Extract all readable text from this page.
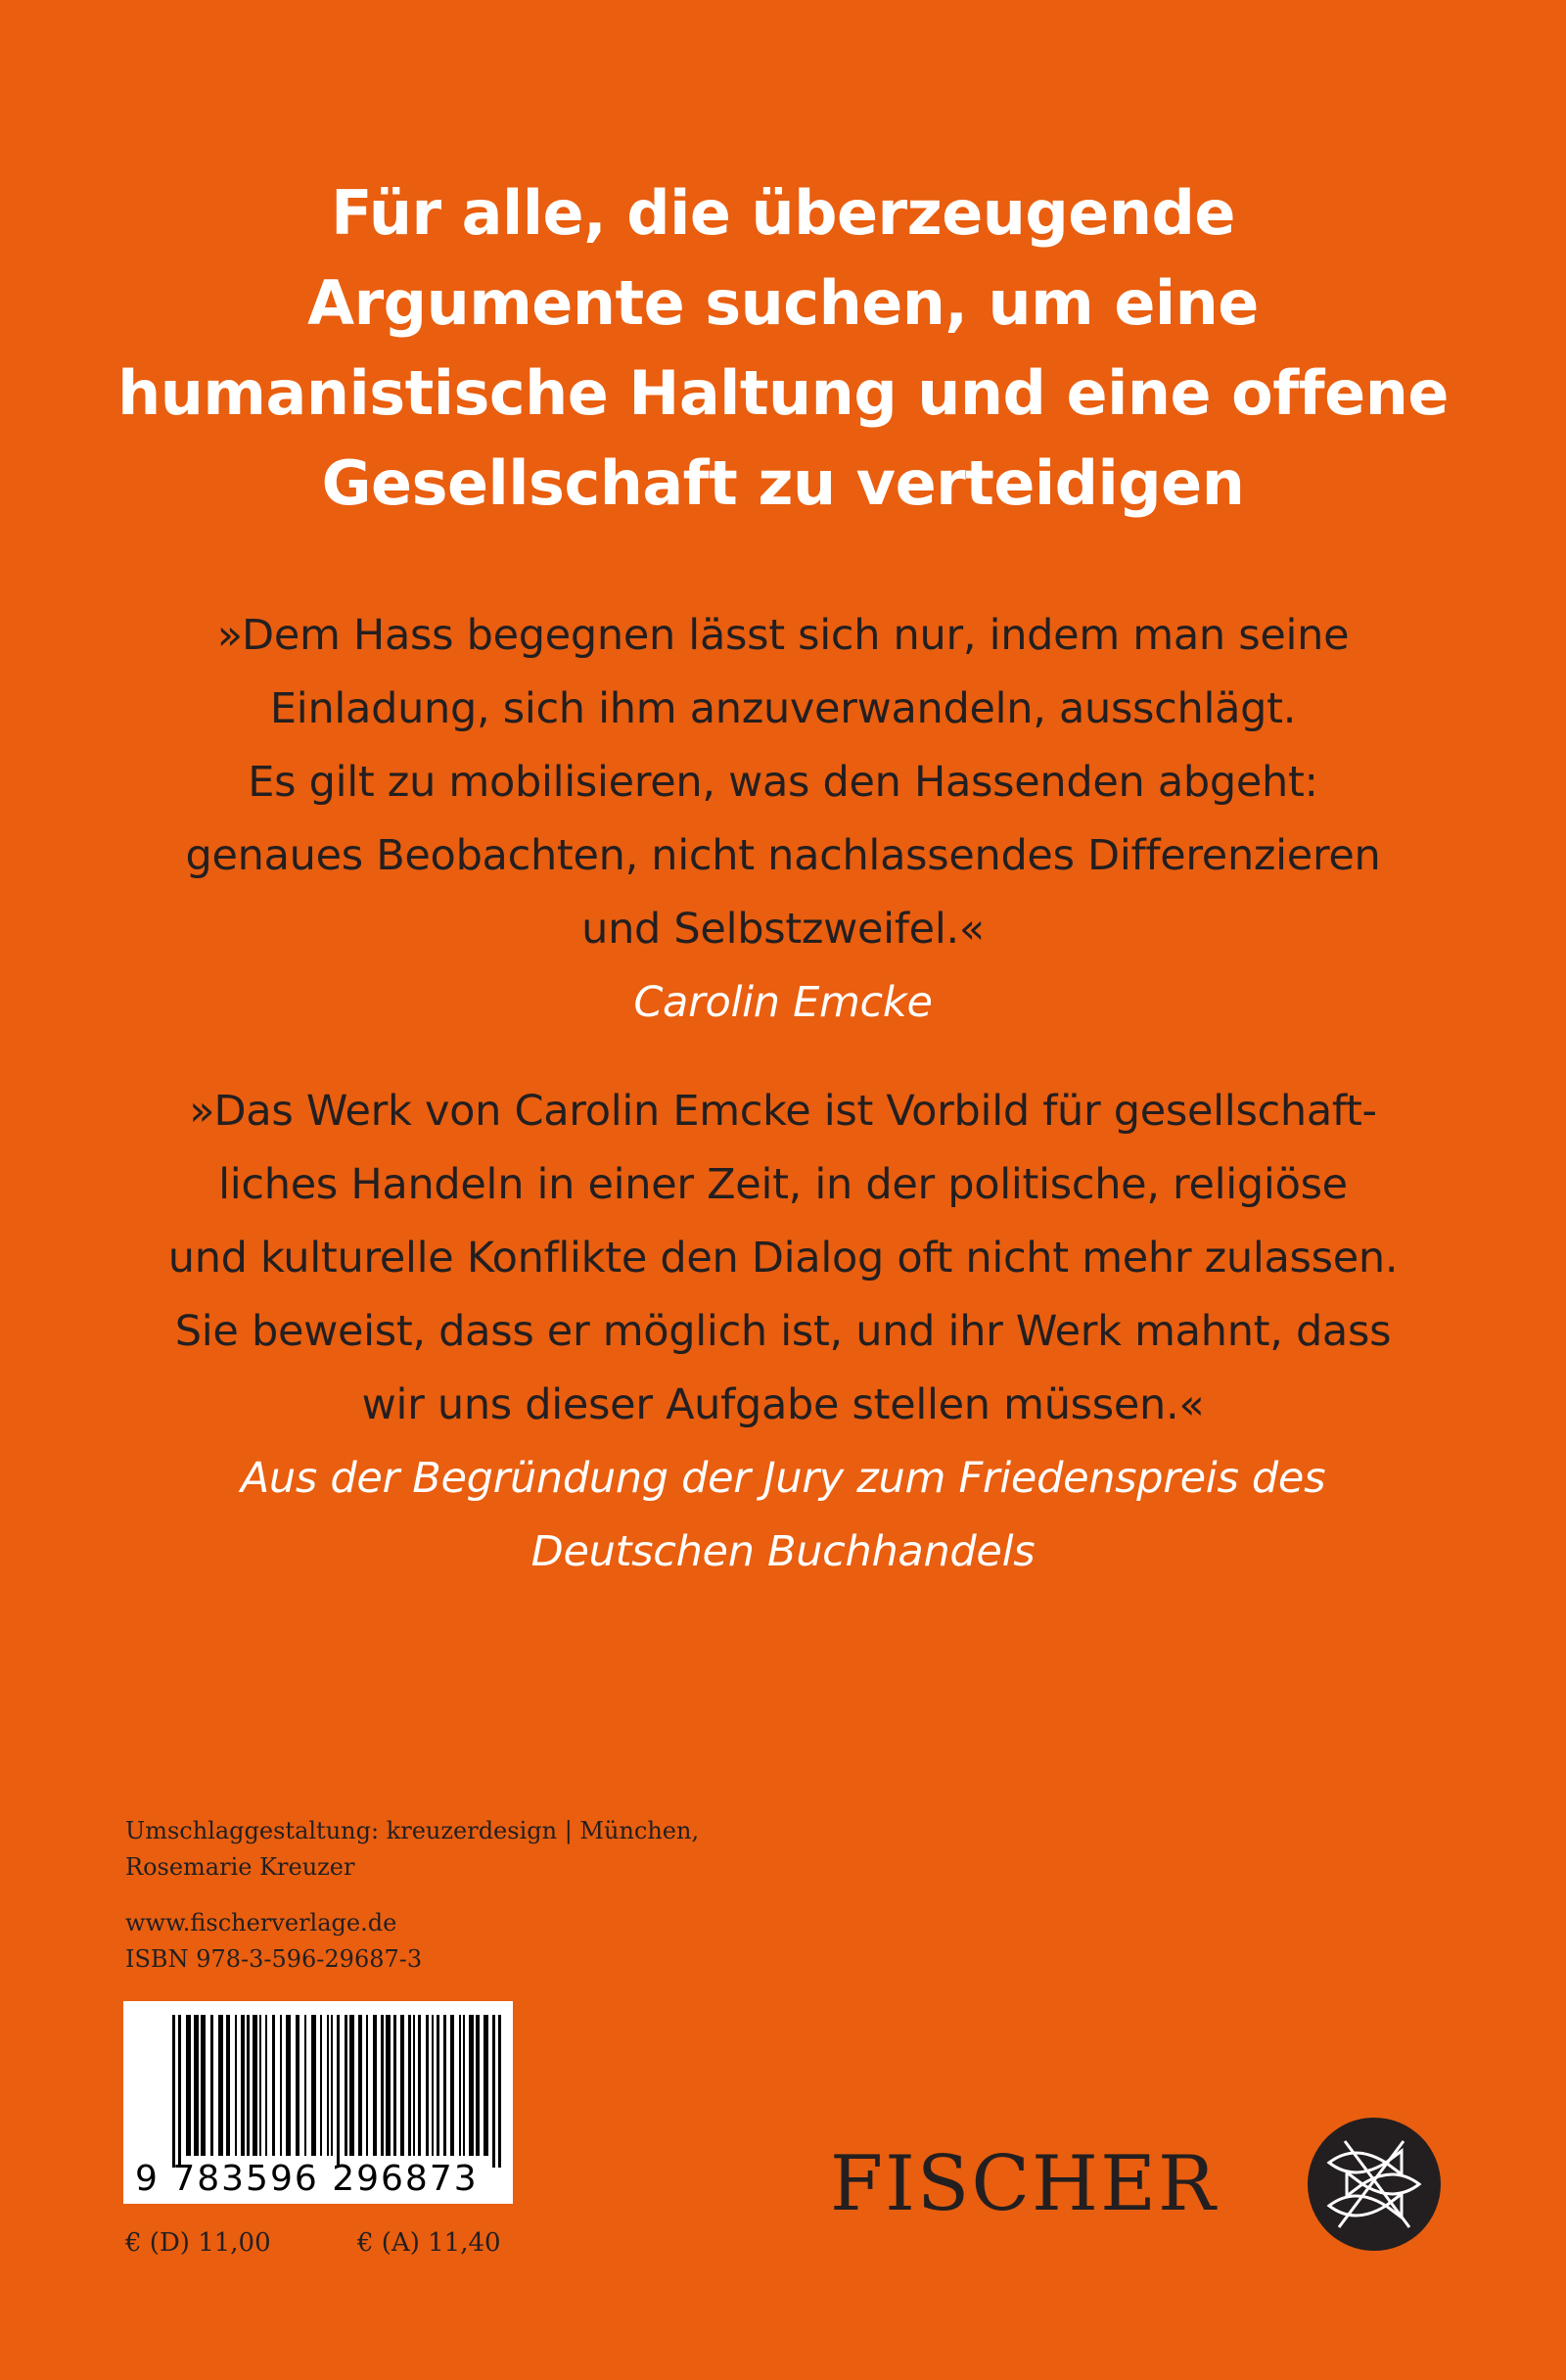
Für alle, die überzeugende
Argumente suchen, um eine
humanistische Haltung und eine offene
Gesellschaft zu verteidigen
»Dem Hass begegnen lässt sich nur, indem man seine
Einladung, sich ihm anzuverwandeln, ausschlägt.
Es gilt zu mobilisieren, was den Hassenden abgeht:
genaues Beobachten, nicht nachlassendes Differenzieren
und Selbstzweifel.«
Carolin Emcke
»Das Werk von Carolin Emcke ist Vorbild für gesellschaft-
liches Handeln in einer Zeit, in der politische, religiöse
und kulturelle Konflikte den Dialog oft nicht mehr zulassen.
Sie beweist, dass er möglich ist, und ihr Werk mahnt, dass
wir uns dieser Aufgabe stellen müssen.«
Aus der Begründung der Jury zum Friedenspreis des
Deutschen Buchhandels
Umschlaggestaltung: kreuzerdesign | München,
Rosemarie Kreuzer
www.fischerverlage.de
ISBN 978-3-596-29687-3
9 783596 296873
€ (D) 11,00	€ (A) 11,40
FISCHER
